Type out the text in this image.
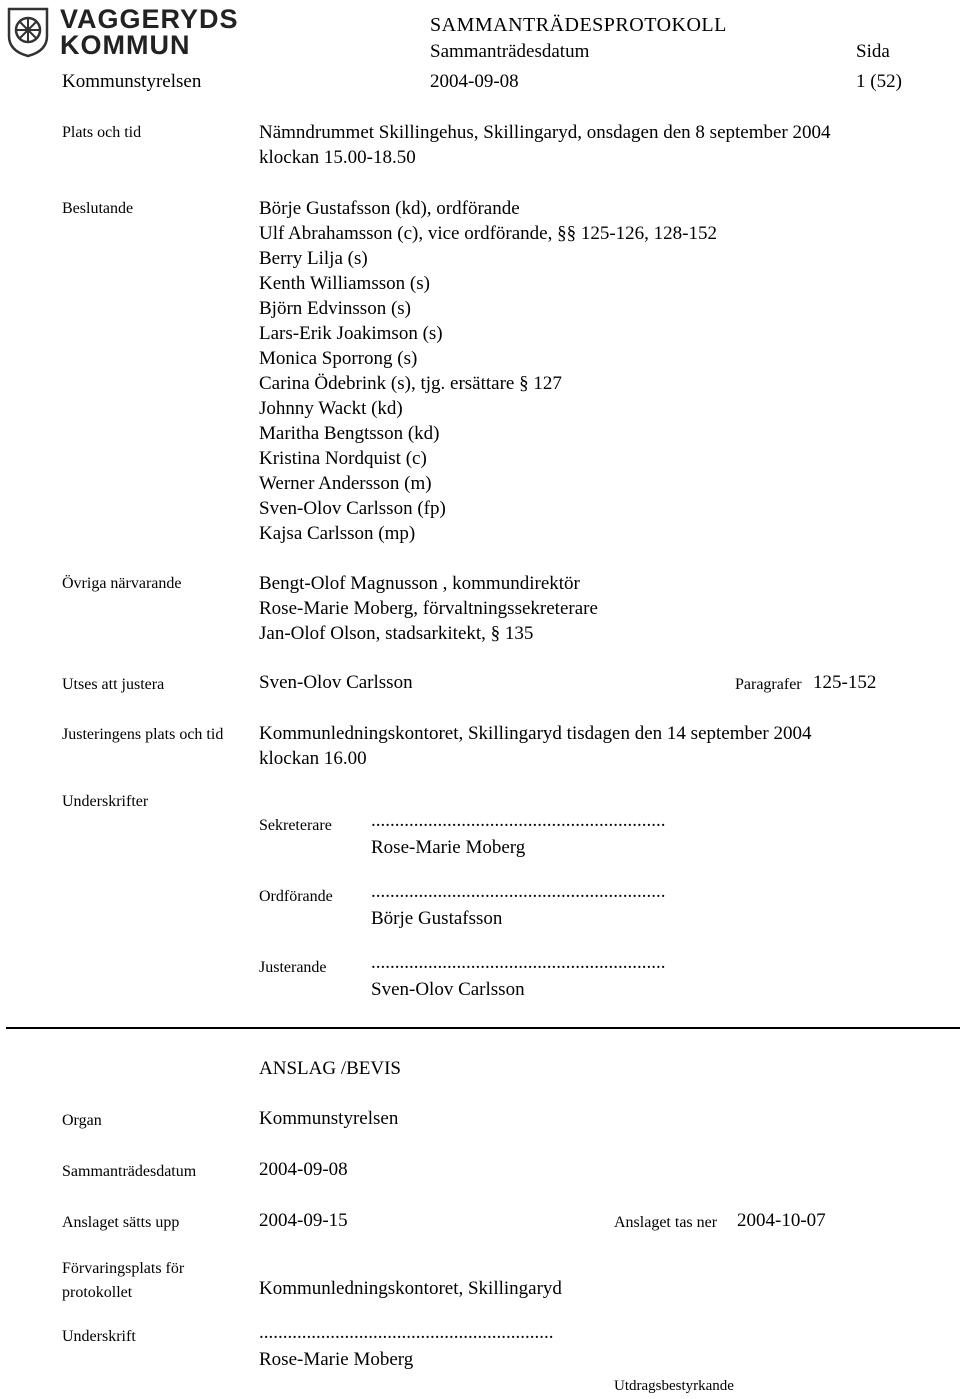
VAGGERYDS
KOMMUN
SAMMANTRÄDESPROTOKOLL
Sammanträdesdatum	Sida
Kommunstyrelsen	2004-09-08	1 (52)
Plats och tid	Nämndrummet Skillingehus, Skillingaryd, onsdagen den 8 september 2004
klockan 15.00-18.50
Beslutande	Börje Gustafsson (kd), ordförande
Ulf Abrahamsson (c), vice ordförande, §§ 125-126, 128-152
Berry Lilja (s)
Kenth Williamsson (s)
Björn Edvinsson (s)
Lars-Erik Joakimson (s)
Monica Sporrong (s)
Carina Ödebrink (s), tjg. ersättare § 127
Johnny Wackt (kd)
Maritha Bengtsson (kd)
Kristina Nordquist (c)
Werner Andersson (m)
Sven-Olov Carlsson (fp)
Kajsa Carlsson (mp)
Övriga närvarande	Bengt-Olof Magnusson , kommundirektör
Rose-Marie Moberg, förvaltningssekreterare
Jan-Olof Olson, stadsarkitekt, § 135
Utses att justera	Sven-Olov Carlsson	Paragrafer 125-152
Justeringens plats och tid Kommunledningskontoret, Skillingaryd tisdagen den 14 september 2004
klockan 16.00
Underskrifter
Sekreterare ..............................................................
Rose-Marie Moberg
Ordförande ..............................................................
Börje Gustafsson
Justerande ..............................................................
Sven-Olov Carlsson
ANSLAG /BEVIS
Organ	Kommunstyrelsen
Sammanträdesdatum	2004-09-08
Anslaget sätts upp	2004-09-15	Anslaget tas ner 2004-10-07
Förvaringsplats för
protokollet	Kommunledningskontoret, Skillingaryd
Underskrift	..............................................................
Rose-Marie Moberg
Utdragsbestyrkande
